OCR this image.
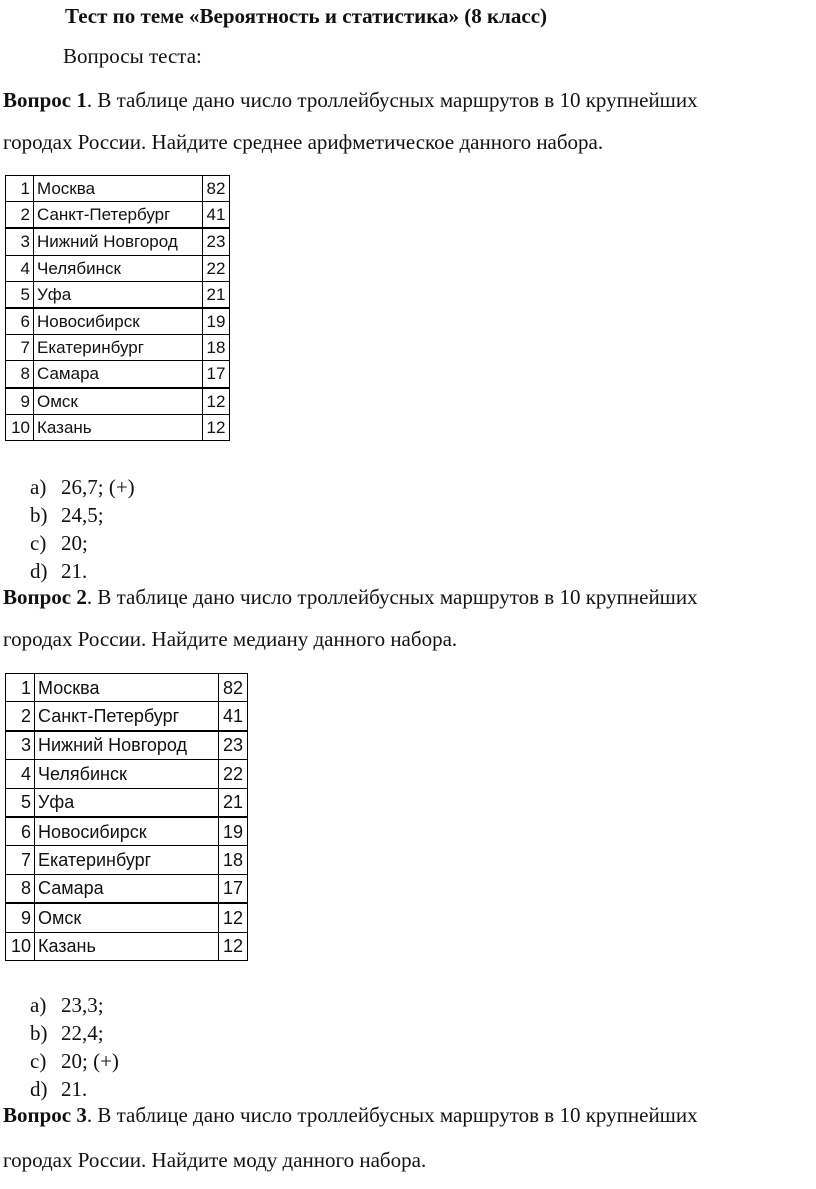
Тест по теме «Вероятность и статистика» (8 класс)
Вопросы теста:
Вопрос 1. В таблице дано число троллейбусных маршрутов в 10 крупнейших
городах России. Найдите среднее арифметическое данного набора.
1	Москва	82
2	Санкт-Петербург	41
3	Нижний Новгород	23
4	Челябинск	22
5	Уфа	21
6	Новосибирск	19
7	Екатеринбург	18
8	Самара	17
9	Омск	12
10	Казань	12
a) 26,7; (+)
b) 24,5;
c) 20;
d) 21.
Вопрос 2. В таблице дано число троллейбусных маршрутов в 10 крупнейших
городах России. Найдите медиану данного набора.
1	Москва	82
2	Санкт-Петербург	41
3	Нижний Новгород	23
4	Челябинск	22
5	Уфа	21
6	Новосибирск	19
7	Екатеринбург	18
8	Самара	17
9	Омск	12
10	Казань	12
a) 23,3;
b) 22,4;
c) 20; (+)
d) 21.
Вопрос 3. В таблице дано число троллейбусных маршрутов в 10 крупнейших
городах России. Найдите моду данного набора.
